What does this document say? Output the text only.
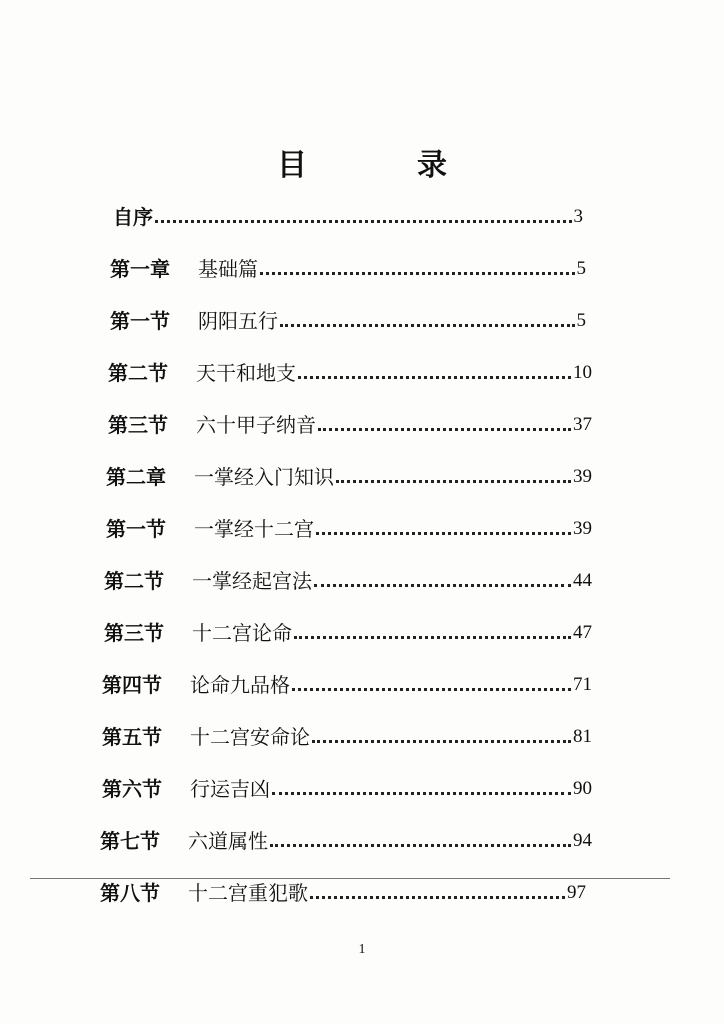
目　录
自序	3
第一章 基础篇	5
第一节 阴阳五行	5
第二节 天干和地支	10
第三节 六十甲子纳音	37
第二章 一掌经入门知识	39
第一节 一掌经十二宫	39
第二节 一掌经起宫法	44
第三节 十二宫论命	47
第四节 论命九品格	71
第五节 十二宫安命论	81
第六节 行运吉凶	90
第七节 六道属性	94
第八节 十二宫重犯歌	97
1
